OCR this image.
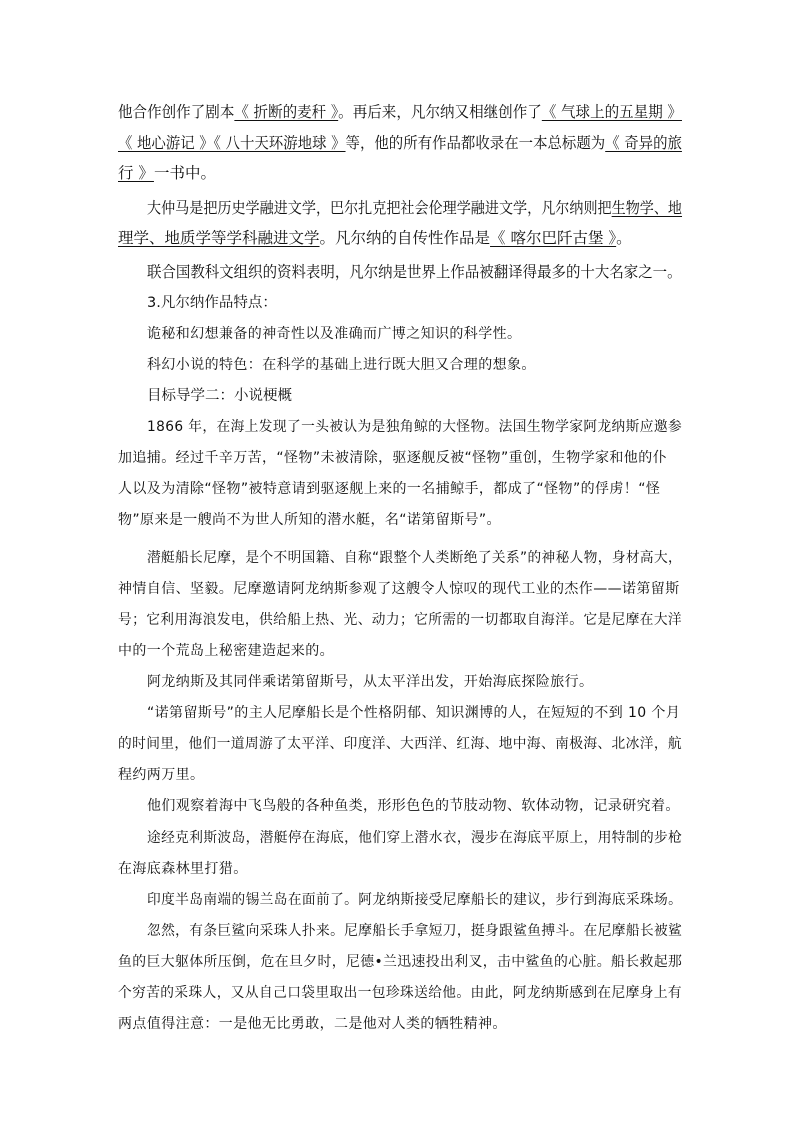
他合作创作了剧本《 折断的麦秆 》。再后来，凡尔纳又相继创作了《 气球上的五星期 》
《 地心游记 》《 八十天环游地球 》等，他的所有作品都收录在一本总标题为《 奇异的旅
行 》一书中。
大仲马是把历史学融进文学，巴尔扎克把社会伦理学融进文学，凡尔纳则把生物学、地
理学、地质学等学科融进文学。凡尔纳的自传性作品是《 喀尔巴阡古堡 》。
联合国教科文组织的资料表明，凡尔纳是世界上作品被翻译得最多的十大名家之一。
3.凡尔纳作品特点：
诡秘和幻想兼备的神奇性以及准确而广博之知识的科学性。
科幻小说的特色：在科学的基础上进行既大胆又合理的想象。
目标导学二：小说梗概
1866 年，在海上发现了一头被认为是独角鲸的大怪物。法国生物学家阿龙纳斯应邀参
加追捕。经过千辛万苦，“怪物”未被清除，驱逐舰反被“怪物”重创，生物学家和他的仆
人以及为清除“怪物”被特意请到驱逐舰上来的一名捕鲸手，都成了“怪物”的俘虏！“怪
物”原来是一艘尚不为世人所知的潜水艇，名“诺第留斯号”。
潜艇船长尼摩，是个不明国籍、自称“跟整个人类断绝了关系”的神秘人物，身材高大，
神情自信、坚毅。尼摩邀请阿龙纳斯参观了这艘令人惊叹的现代工业的杰作——诺第留斯
号；它利用海浪发电，供给船上热、光、动力；它所需的一切都取自海洋。它是尼摩在大洋
中的一个荒岛上秘密建造起来的。
阿龙纳斯及其同伴乘诺第留斯号，从太平洋出发，开始海底探险旅行。
“诺第留斯号”的主人尼摩船长是个性格阴郁、知识渊博的人，在短短的不到 10 个月
的时间里，他们一道周游了太平洋、印度洋、大西洋、红海、地中海、南极海、北冰洋，航
程约两万里。
他们观察着海中飞鸟般的各种鱼类，形形色色的节肢动物、软体动物，记录研究着。
途经克利斯波岛，潜艇停在海底，他们穿上潜水衣，漫步在海底平原上，用特制的步枪
在海底森林里打猎。
印度半岛南端的锡兰岛在面前了。阿龙纳斯接受尼摩船长的建议，步行到海底采珠场。
忽然，有条巨鲨向采珠人扑来。尼摩船长手拿短刀，挺身跟鲨鱼搏斗。在尼摩船长被鲨
鱼的巨大躯体所压倒，危在旦夕时，尼德•兰迅速投出利叉，击中鲨鱼的心脏。船长救起那
个穷苦的采珠人，又从自己口袋里取出一包珍珠送给他。由此，阿龙纳斯感到在尼摩身上有
两点值得注意：一是他无比勇敢，二是他对人类的牺牲精神。
